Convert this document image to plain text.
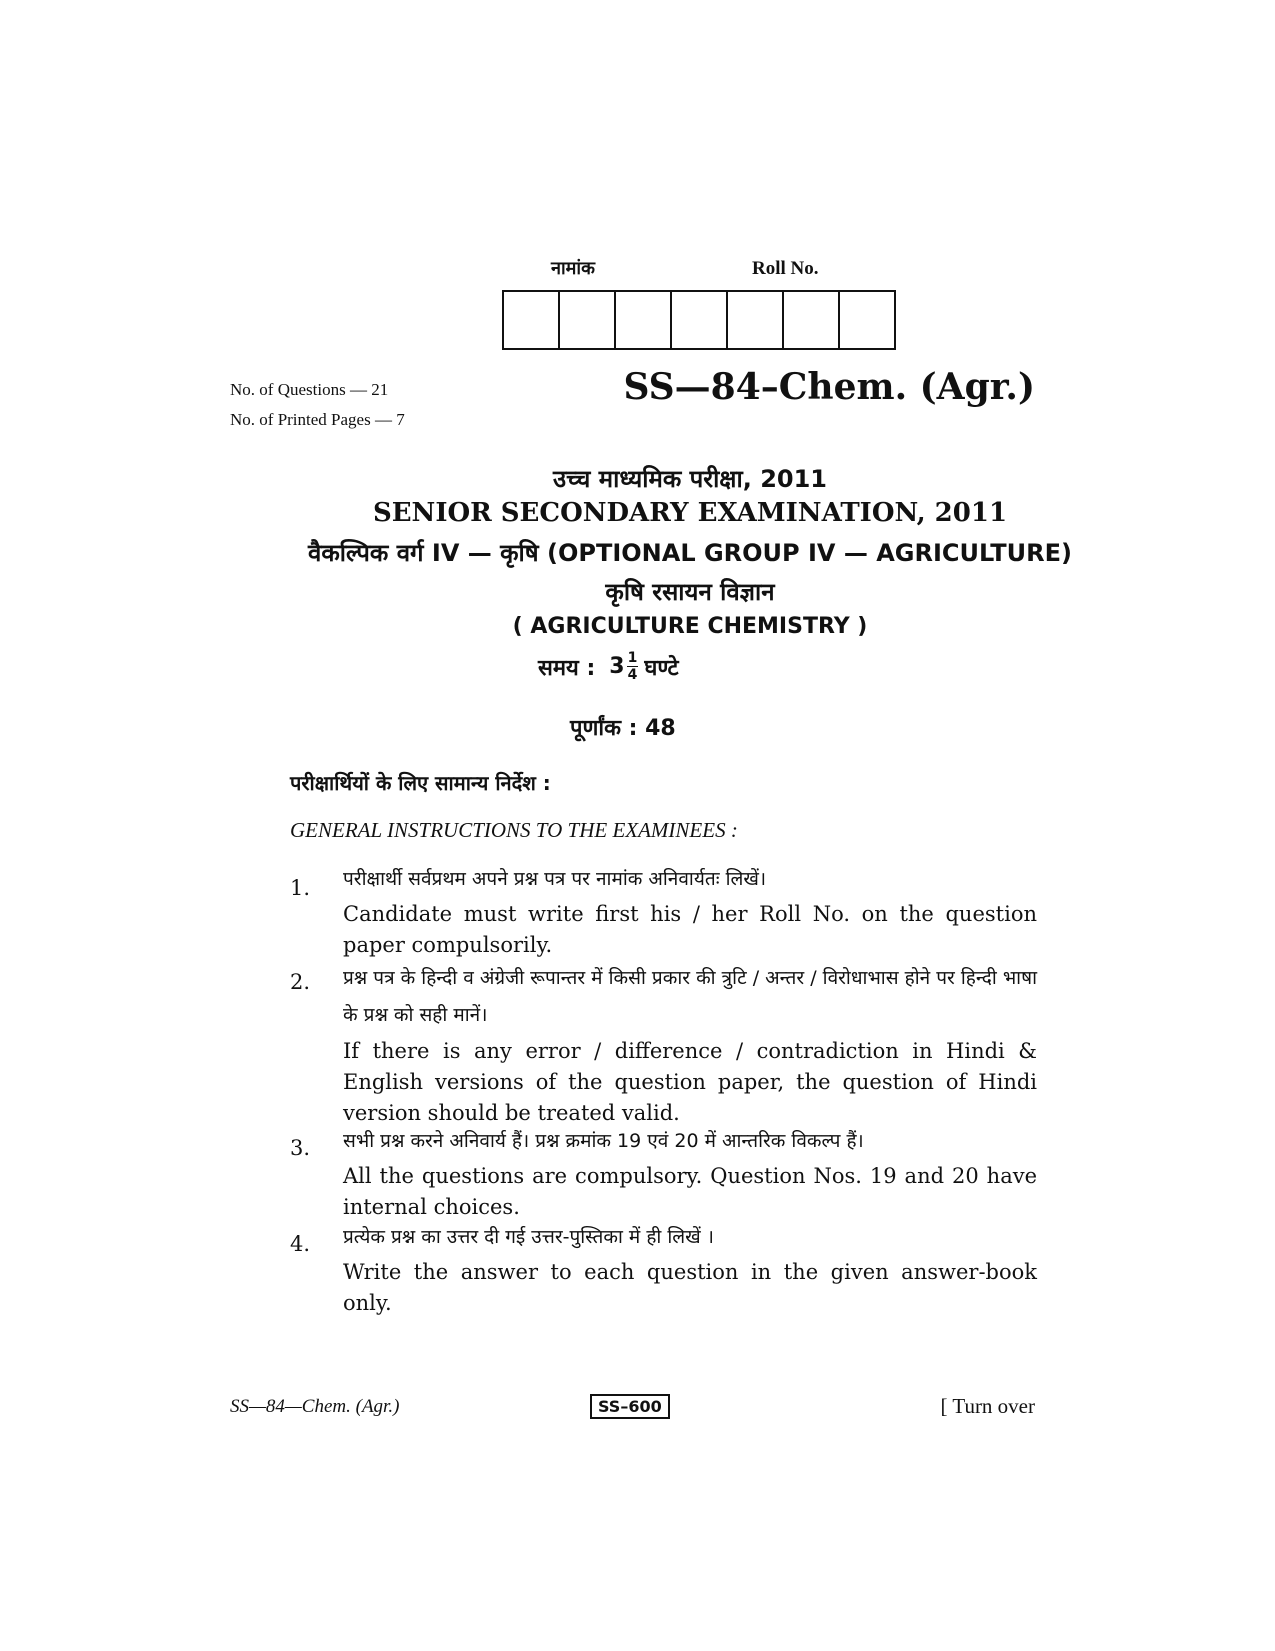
नामांक	Roll No.
No. of Questions — 21
No. of Printed Pages — 7
SS—84–Chem. (Agr.)
उच्च माध्यमिक परीक्षा, 2011
SENIOR SECONDARY EXAMINATION, 2011
वैकल्पिक वर्ग IV — कृषि (OPTIONAL GROUP IV — AGRICULTURE)
कृषि रसायन विज्ञान
( AGRICULTURE CHEMISTRY )
समय : $3 \frac{1}{4}$ घण्टे
पूर्णांक : 48
परीक्षार्थियों के लिए सामान्य निर्देश :
GENERAL INSTRUCTIONS TO THE EXAMINEES :
1. परीक्षार्थी सर्वप्रथम अपने प्रश्न पत्र पर नामांक अनिवार्यतः लिखें।
Candidate must write first his / her Roll No. on the question paper compulsorily.
2. प्रश्न पत्र के हिन्दी व अंग्रेजी रूपान्तर में किसी प्रकार की त्रुटि / अन्तर / विरोधाभास होने पर हिन्दी भाषा के प्रश्न को सही मानें।
If there is any error / difference / contradiction in Hindi & English versions of the question paper, the question of Hindi version should be treated valid.
3. सभी प्रश्न करने अनिवार्य हैं। प्रश्न क्रमांक 19 एवं 20 में आन्तरिक विकल्प हैं।
All the questions are compulsory. Question Nos. 19 and 20 have internal choices.
4. प्रत्येक प्रश्न का उत्तर दी गई उत्तर-पुस्तिका में ही लिखें ।
Write the answer to each question in the given answer-book only.
SS—84—Chem. (Agr.)	SS–600	[ Turn over
